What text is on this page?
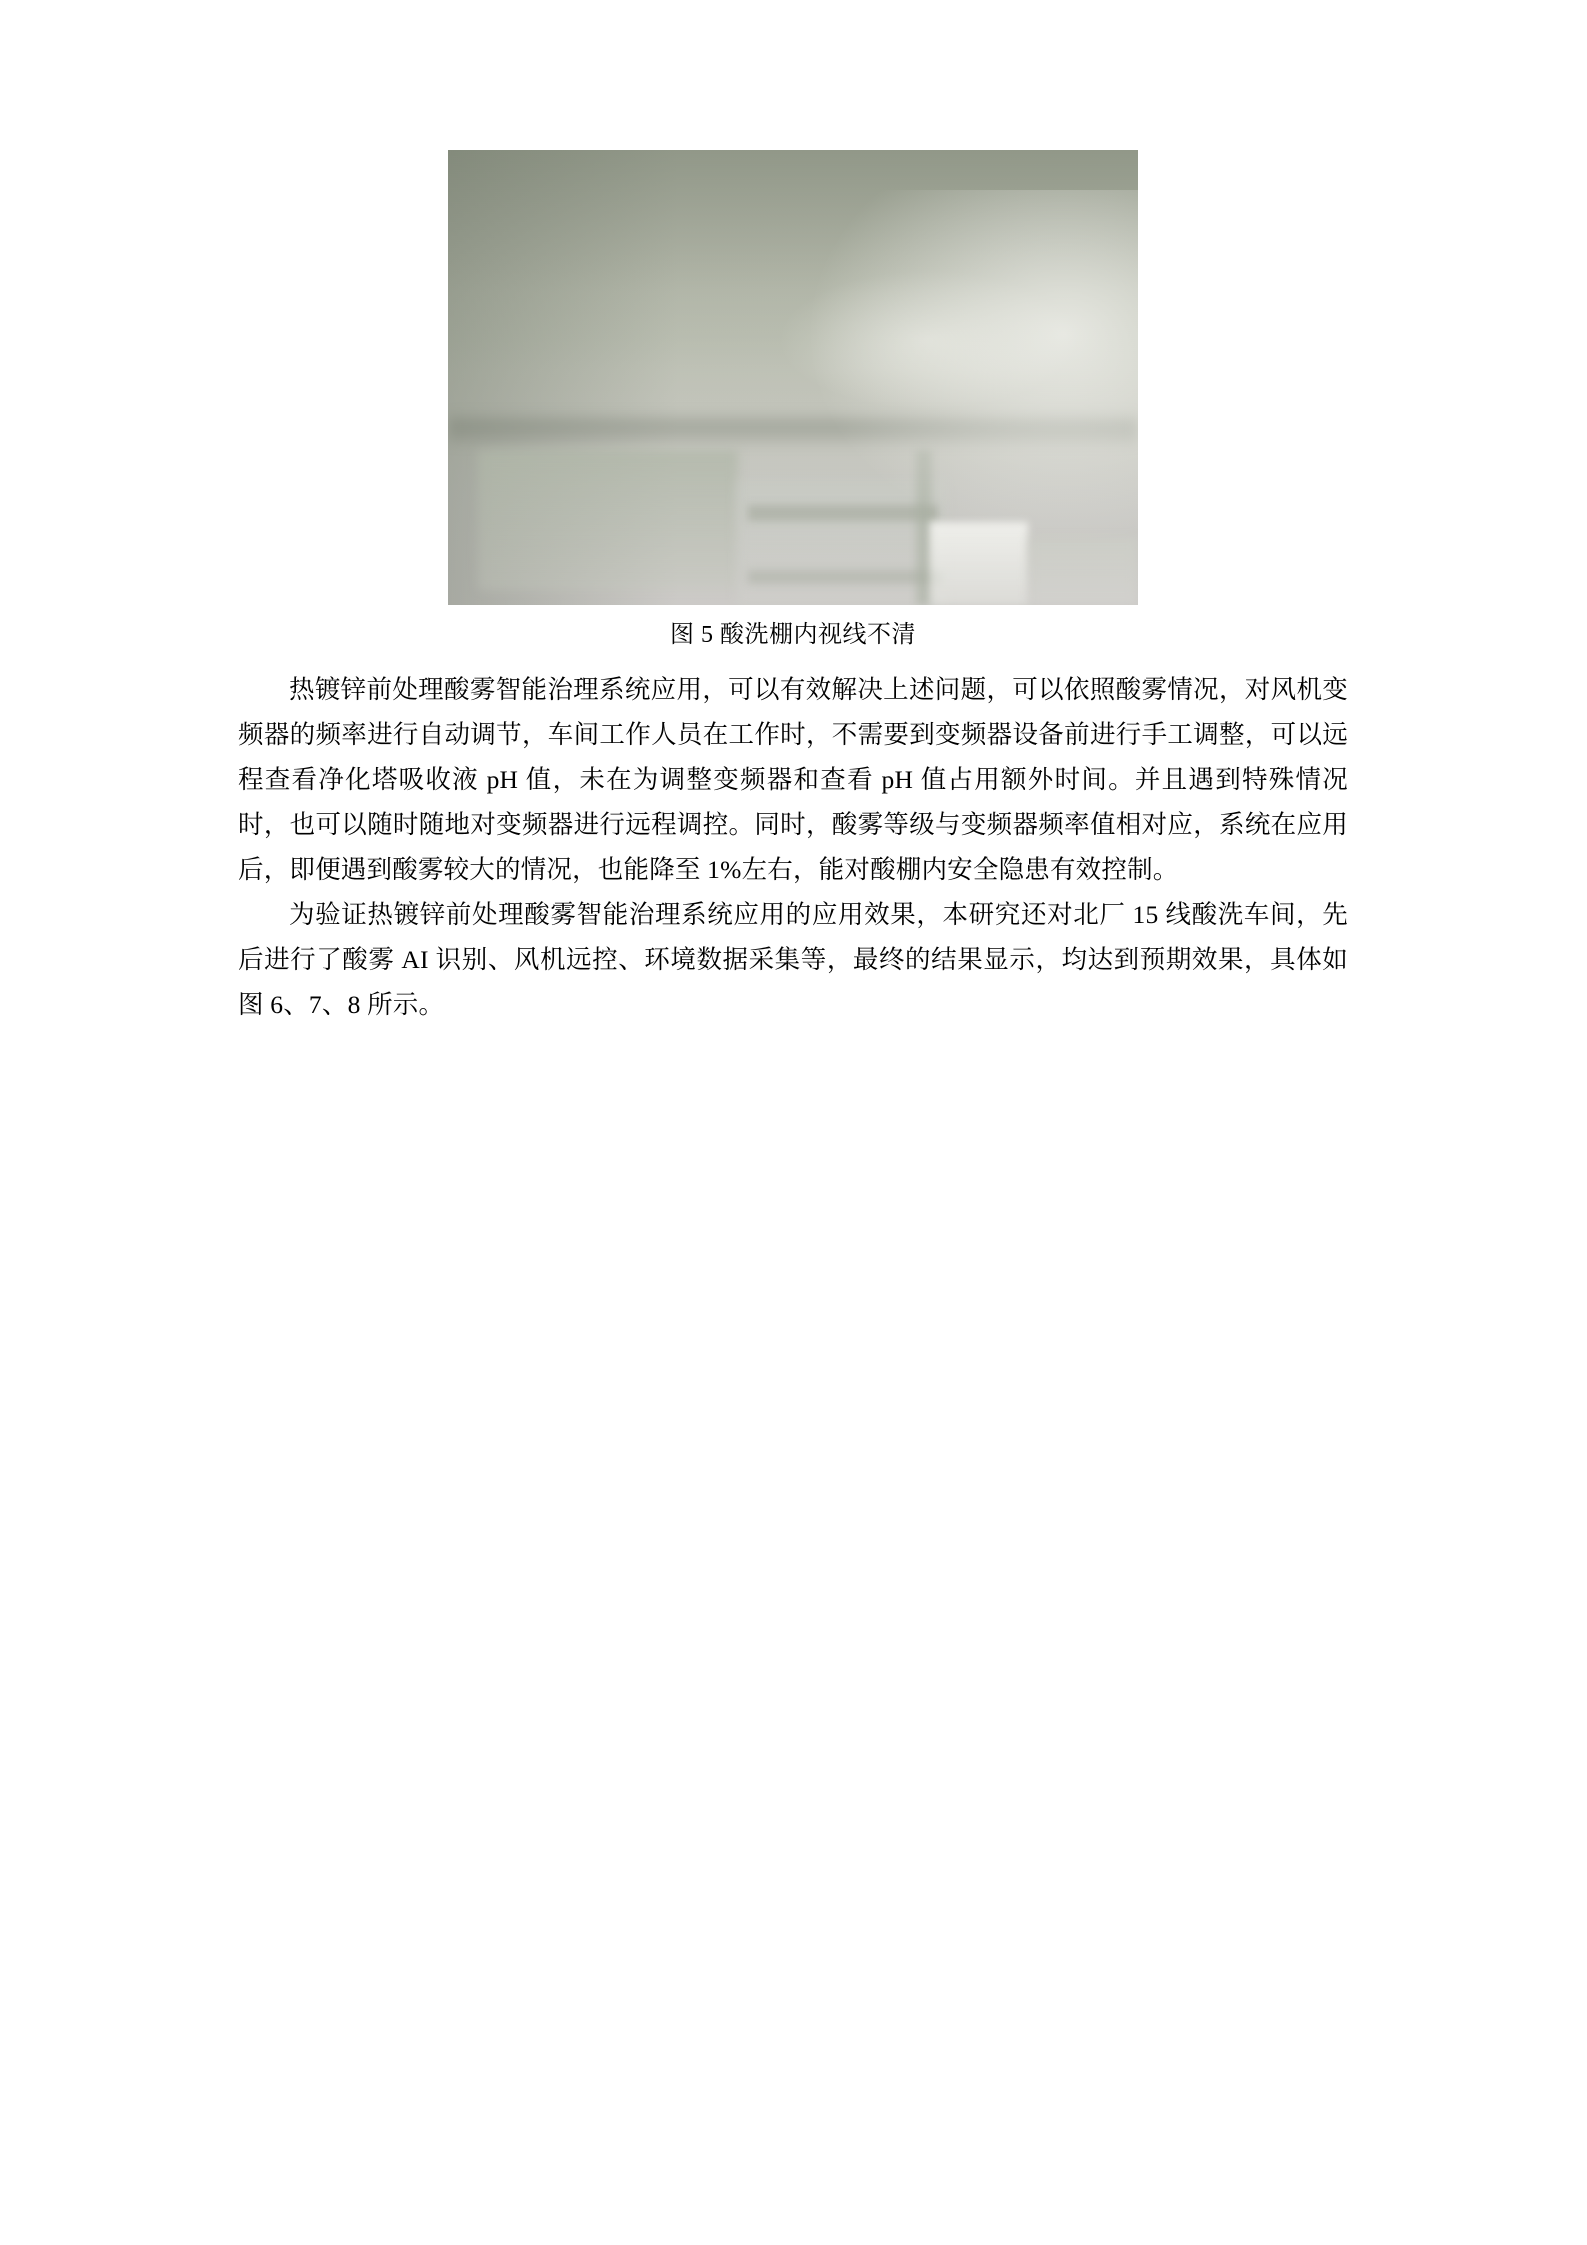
图 5 酸洗棚内视线不清

热镀锌前处理酸雾智能治理系统应用，可以有效解决上述问题，可以依照酸雾情况，对风机变频器的频率进行自动调节，车间工作人员在工作时，不需要到变频器设备前进行手工调整，可以远程查看净化塔吸收液 pH 值，未在为调整变频器和查看 pH 值占用额外时间。并且遇到特殊情况时，也可以随时随地对变频器进行远程调控。同时，酸雾等级与变频器频率值相对应，系统在应用后，即便遇到酸雾较大的情况，也能降至 1%左右，能对酸棚内安全隐患有效控制。

为验证热镀锌前处理酸雾智能治理系统应用的应用效果，本研究还对北厂 15 线酸洗车间，先后进行了酸雾 AI 识别、风机远控、环境数据采集等，最终的结果显示，均达到预期效果，具体如图 6、7、8 所示。
